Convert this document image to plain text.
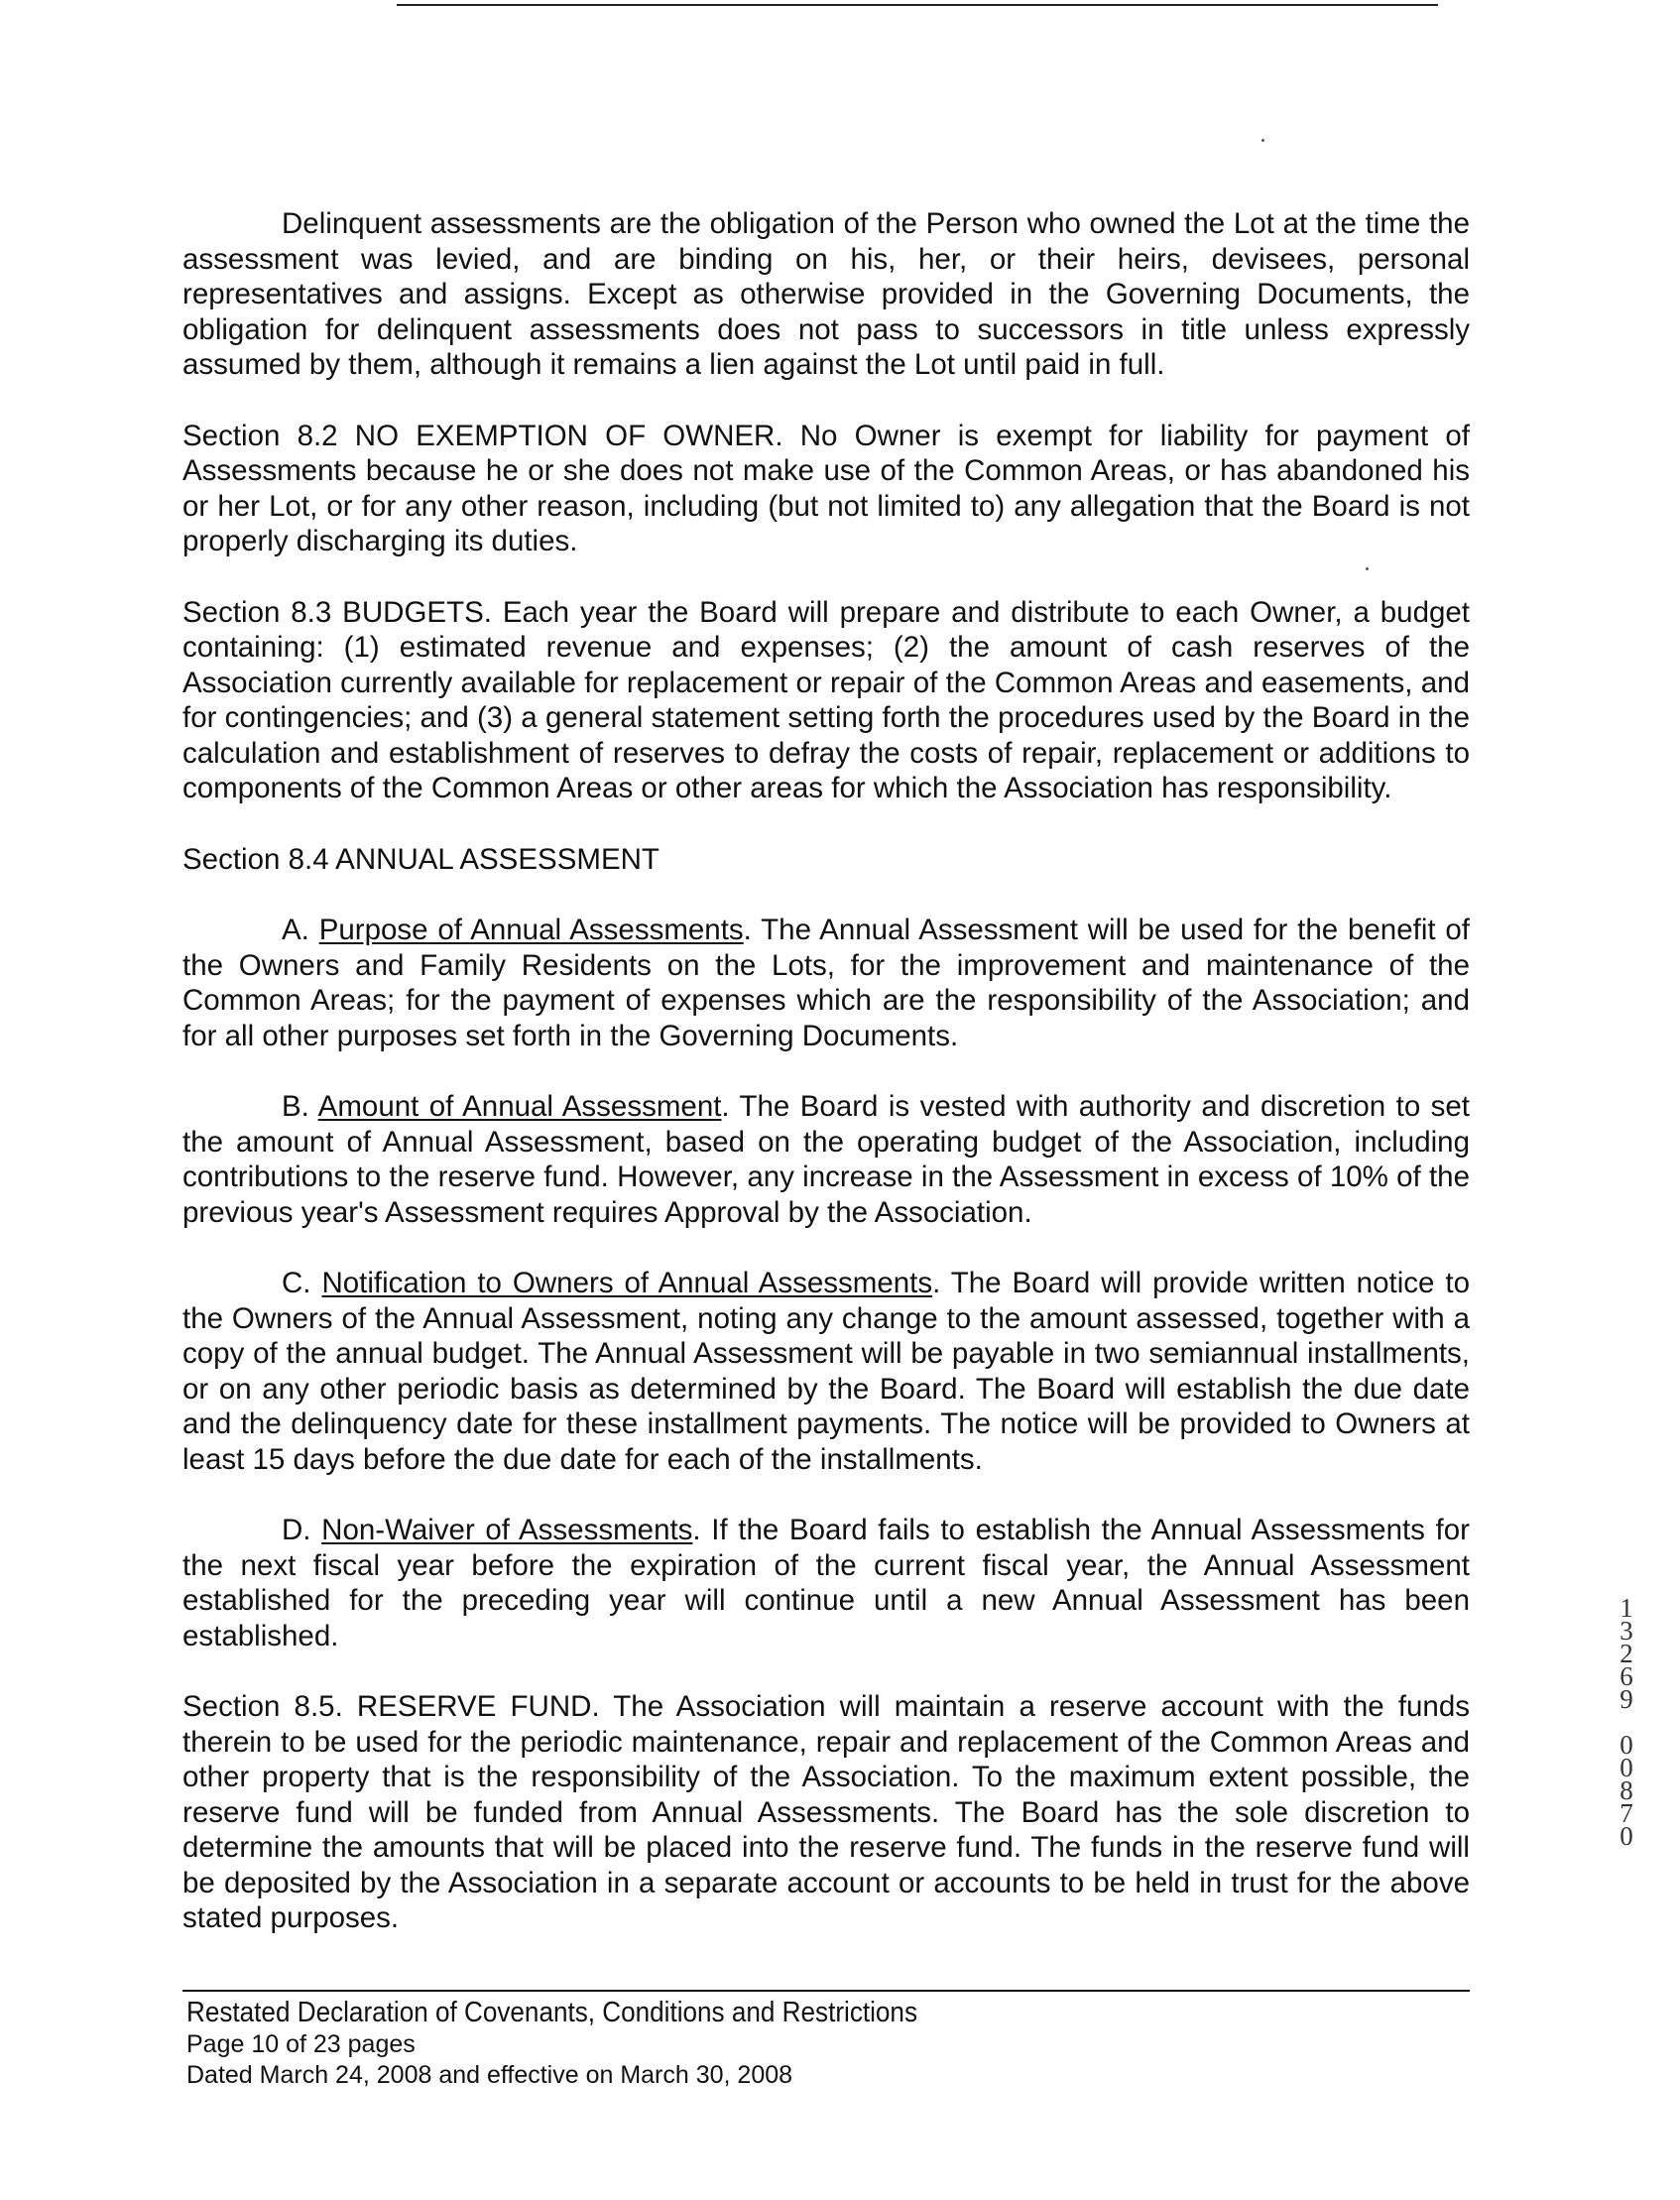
Delinquent assessments are the obligation of the Person who owned the Lot at the time the assessment was levied, and are binding on his, her, or their heirs, devisees, personal representatives and assigns. Except as otherwise provided in the Governing Documents, the obligation for delinquent assessments does not pass to successors in title unless expressly assumed by them, although it remains a lien against the Lot until paid in full.

Section 8.2 NO EXEMPTION OF OWNER. No Owner is exempt for liability for payment of Assessments because he or she does not make use of the Common Areas, or has abandoned his or her Lot, or for any other reason, including (but not limited to) any allegation that the Board is not properly discharging its duties.

Section 8.3 BUDGETS. Each year the Board will prepare and distribute to each Owner, a budget containing: (1) estimated revenue and expenses; (2) the amount of cash reserves of the Association currently available for replacement or repair of the Common Areas and easements, and for contingencies; and (3) a general statement setting forth the procedures used by the Board in the calculation and establishment of reserves to defray the costs of repair, replacement or additions to components of the Common Areas or other areas for which the Association has responsibility.

Section 8.4 ANNUAL ASSESSMENT

A. Purpose of Annual Assessments. The Annual Assessment will be used for the benefit of the Owners and Family Residents on the Lots, for the improvement and maintenance of the Common Areas; for the payment of expenses which are the responsibility of the Association; and for all other purposes set forth in the Governing Documents.

B. Amount of Annual Assessment. The Board is vested with authority and discretion to set the amount of Annual Assessment, based on the operating budget of the Association, including contributions to the reserve fund. However, any increase in the Assessment in excess of 10% of the previous year's Assessment requires Approval by the Association.

C. Notification to Owners of Annual Assessments. The Board will provide written notice to the Owners of the Annual Assessment, noting any change to the amount assessed, together with a copy of the annual budget. The Annual Assessment will be payable in two semiannual installments, or on any other periodic basis as determined by the Board. The Board will establish the due date and the delinquency date for these installment payments. The notice will be provided to Owners at least 15 days before the due date for each of the installments.

D. Non-Waiver of Assessments. If the Board fails to establish the Annual Assessments for the next fiscal year before the expiration of the current fiscal year, the Annual Assessment established for the preceding year will continue until a new Annual Assessment has been established.

Section 8.5. RESERVE FUND. The Association will maintain a reserve account with the funds therein to be used for the periodic maintenance, repair and replacement of the Common Areas and other property that is the responsibility of the Association. To the maximum extent possible, the reserve fund will be funded from Annual Assessments. The Board has the sole discretion to determine the amounts that will be placed into the reserve fund. The funds in the reserve fund will be deposited by the Association in a separate account or accounts to be held in trust for the above stated purposes.

1
3
2
6
9

0
0
8
7
0
Restated Declaration of Covenants, Conditions and Restrictions
Page 10 of 23 pages
Dated March 24, 2008 and effective on March 30, 2008
